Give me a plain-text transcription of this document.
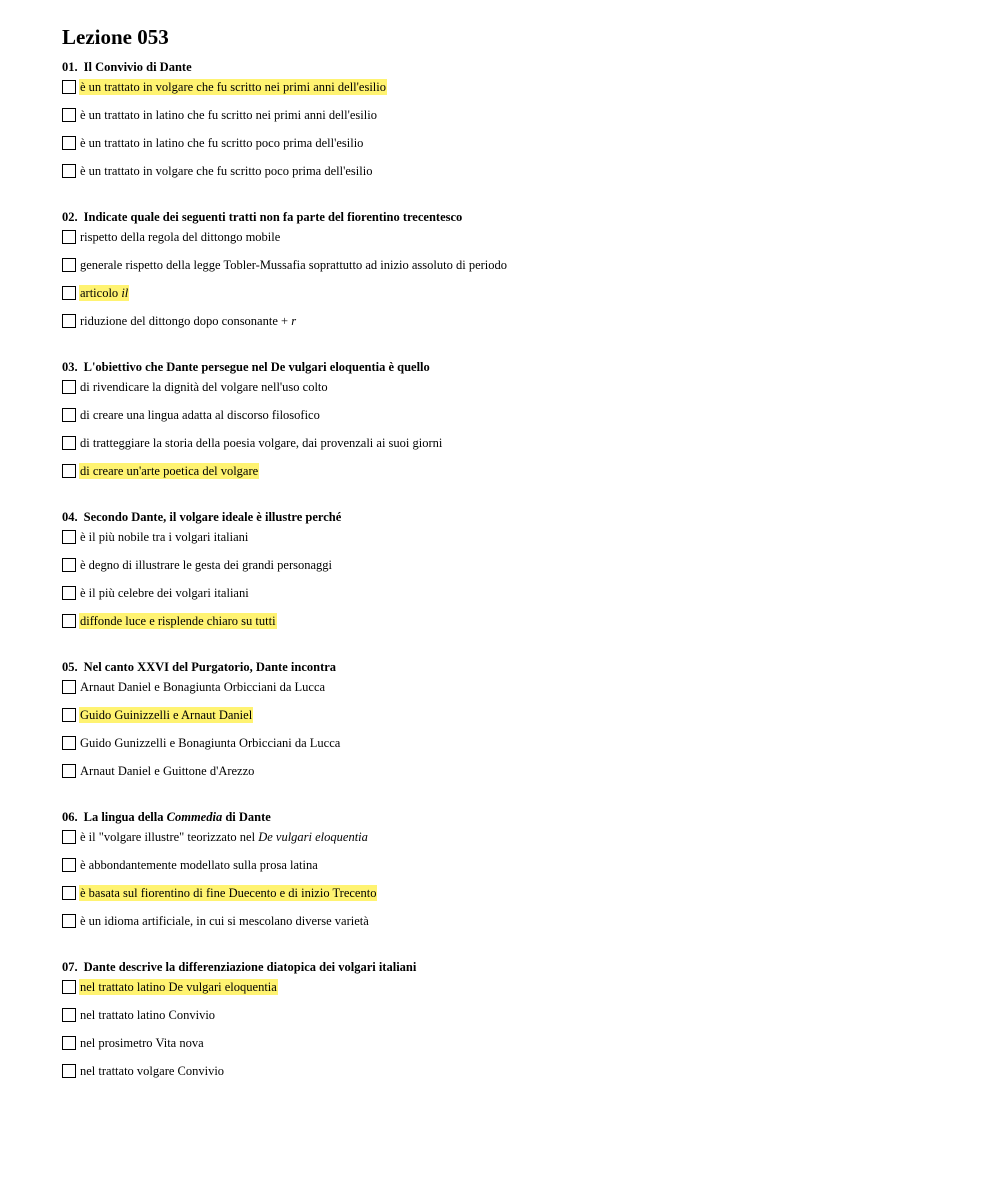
Lezione 053
01. Il Convivio di Dante
è un trattato in volgare che fu scritto nei primi anni dell'esilio
è un trattato in latino che fu scritto nei primi anni dell'esilio
è un trattato in latino che fu scritto poco prima dell'esilio
è un trattato in volgare che fu scritto poco prima dell'esilio
02. Indicate quale dei seguenti tratti non fa parte del fiorentino trecentesco
rispetto della regola del dittongo mobile
generale rispetto della legge Tobler-Mussafia soprattutto ad inizio assoluto di periodo
articolo il
riduzione del dittongo dopo consonante + r
03. L'obiettivo che Dante persegue nel De vulgari eloquentia è quello
di rivendicare la dignità del volgare nell'uso colto
di creare una lingua adatta al discorso filosofico
di tratteggiare la storia della poesia volgare, dai provenzali ai suoi giorni
di creare un'arte poetica del volgare
04. Secondo Dante, il volgare ideale è illustre perché
è il più nobile tra i volgari italiani
è degno di illustrare le gesta dei grandi personaggi
è il più celebre dei volgari italiani
diffonde luce e risplende chiaro su tutti
05. Nel canto XXVI del Purgatorio, Dante incontra
Arnaut Daniel e Bonagiunta Orbicciani da Lucca
Guido Guinizzelli e Arnaut Daniel
Guido Gunizzelli e Bonagiunta Orbicciani da Lucca
Arnaut Daniel e Guittone d'Arezzo
06. La lingua della Commedia di Dante
è il "volgare illustre" teorizzato nel De vulgari eloquentia
è abbondantemente modellato sulla prosa latina
è basata sul fiorentino di fine Duecento e di inizio Trecento
è un idioma artificiale, in cui si mescolano diverse varietà
07. Dante descrive la differenziazione diatopica dei volgari italiani
nel trattato latino De vulgari eloquentia
nel trattato latino Convivio
nel prosimetro Vita nova
nel trattato volgare Convivio
